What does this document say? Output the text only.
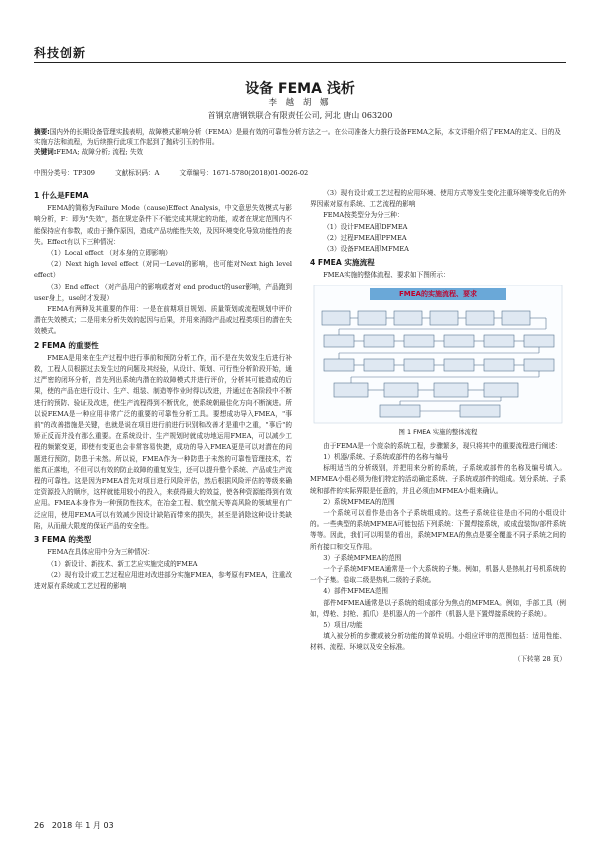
科技创新
设备 FEMA 浅析
李 越 胡 娜
首钢京唐钢铁联合有限责任公司, 河北 唐山 063200
摘要:国内外的长期设备管理实践表明，故障模式影响分析（FEMA）是最有效的可靠性分析方法之一。在公司准备大力推行设备FEMA之际，本文详细介绍了FEMA的定义、目的及实施方法和流程，为后续推行此项工作起到了抛砖引玉的作用。
关键词:FEMA; 故障分析; 流程; 失效
中图分类号：TP309	文献标识码：A	文章编号：1671-5780(2018)01-0026-02
1 什么是FEMA

FEMA的简称为Failure Mode（cause)Effect Analysis，中文意思失效模式与影响分析，F：即为"失效"，指在规定条件下不能完成其规定的功能，或者在规定范围内不能保持应有参数，或由于操作原因，造成产品功能性失效，及因环境变化导致功能性的丧失。Effect有以下三种情况：

（1）Local effect （对本身的立即影响）

（2）Next high level effect（对同一Level的影响，也可能对Next high level effect）

（3）End effect （对产品用户的影响或者对 end product的user影响，产品跑到user身上，use时才发现）

FEMA有两种及其重要的作用：一是在前期项目规划、质量策划或流程规划中评价潜在失效模式；二是用来分析失效的起因与后果，并用来消除产品或过程类项目的潜在失效模式。

2 FEMA 的重要性

FMEA是用来在生产过程中进行事前和预防分析工作，而不是在失效发生后进行补救，工程人员根据过去发生过的问题及其经验，从设计、策划、可行性分析阶段开始，通过严密的闭环分析，首先列出系统内潜在的故障模式并进行评价，分析其可能造成的后果，使的产品在进行设计、生产、组装、制造等作业时得以改进，并通过在各阶段中不断进行的预防、验证及改进，使生产流程得到不断优化，使系统朝最佳化方向不断演进。所以说FEMA是一种应用非常广泛的重要的可靠性分析工具。要想成功导入FMEA，"事前"的改善措施是关键，也就是说在项目进行前进行识别和改善才是重中之重，"事后"的矫正反而并没有那么重要。在系统设计、生产规划时就成功地运用FMEA，可以减少工程的频繁变更，即使有变更也会非常容易快捷，成功的导入FMEA更是可以对潜在的问题进行预防，防患于未然。所以说，FMEA作为一种防患于未然的可靠性管理技术，若能真正落地，不但可以有效的防止故障的重复发生，还可以提升整个系统、产品或生产流程的可靠性。这是因为FMEA首先对项目进行风险评估，然后根据风险评估的等级来确定资源投入的顺序，这样就能用较小的投入，来获得最大的效益，使各种资源能得到有效应用。FMEA本身作为一种预防性技术，在冶金工程、航空航天等高风险的领域里有广泛应用，使用FEMA可以有效减少因设计缺陷而带来的损失，甚至是消除这种设计类缺陷，从而最大限度的保证产品的安全性。

3 FEMA 的类型

FEMA在具体应用中分为三种情况：

（1）新设计、新技术、新工艺应实施完成的FMEA

（2）现有设计或工艺过程应用进对改进部分实施FMEA，参考原有FMEA，注重改进对原有系统或工艺过程的影响

（3）现有设计或工艺过程的应用环境、使用方式等发生变化注重环境等变化后的外界因素对原有系统、工艺流程的影响

FEMA按类型分为分三种：

（1）设计FMEA即DFMEA

（2）过程FMEA即PFMEA

（3）设备FMEA即MFMEA

4 FMEA 实施流程

FMEA实施的整体流程、要求如下图所示：

FMEA的实施流程、要求
图 1 FMEA 实施的整体流程

由于FEMA是一个庞杂的系统工程，步骤繁多，现只将其中的重要流程进行阐述：

1）机器/系统、子系统或部件的名称与编号

标明适当的分析级别，并把用来分析的系统，子系统或部件的名称及编号填入。MFMEA小组必须为他们特定的活动确定系统、子系统或部件的组成。划分系统、子系统和部件的实际界限是任意的，并且必须由MFMEA小组来确认。

2）系统MFMEA的范围

一个系统可以看作是由各个子系统组成的。这些子系统往往是由不同的小组设计的。一些典型的系统MFMEA可能包括下列系统：下置焊接系统，或成盘装饰/部件系统等等。因此，我们可以明显的看出，系统MFMEA的焦点是要全覆盖不同子系统之间的所有接口和交互作用。

3）子系统MFMEA的范围

一个子系统MFMEA通常是一个大系统的子集。例如，机器人是热轧打号机系统的一个子集。卷取二级是热轧二级的子系统。

4）部件MFMEA范围

部件MFMEA通常是以子系统的组成部分为焦点的MFMEA。例如，手部工具（例如，焊枪、封枪、抓爪）是机器人的一个部件（机器人是下置焊接系统的子系统）。

5）项目/功能

填入被分析的步骤或被分析功能的简单说明。小组应评审的范围包括：适用性能、材料、流程、环境以及安全标准。

（下转第 28 页）
26 2018 年 1 月 03
